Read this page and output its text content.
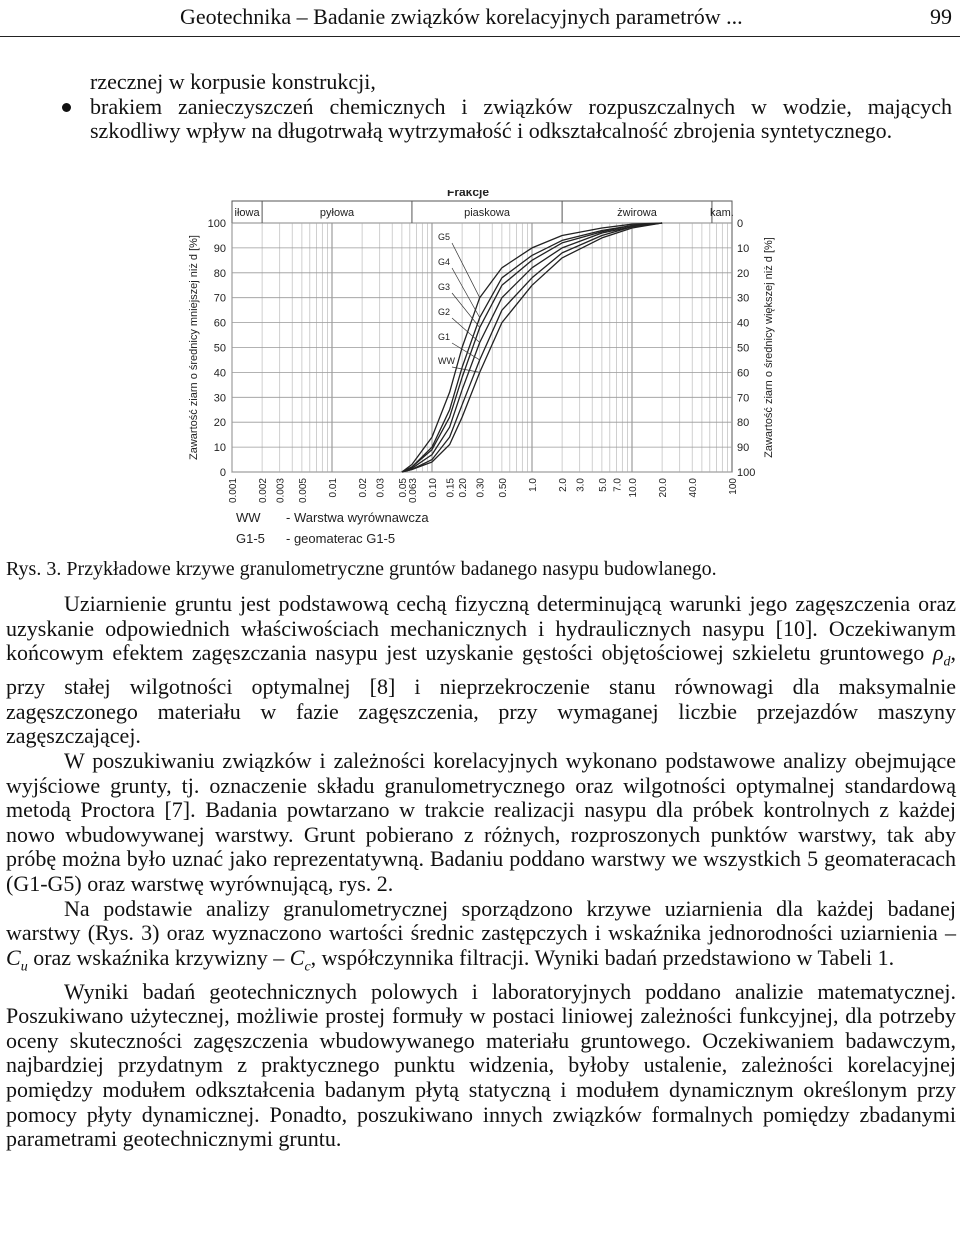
Geotechnika – Badanie związków korelacyjnych parametrów ...	99
rzecznej w korpusie konstrukcji,
brakiem zanieczyszczeń chemicznych i związków rozpuszczalnych w wodzie, mających szkodliwy wpływ na długotrwałą wytrzymałość i odkształcalność zbrojenia syntetycznego.
Frakcje
iłowa	pyłowa	piaskowa	żwirowa	kam.
100
90
80
70
60
50
40
30
20
10
0
Zawartość ziarn o średnicy mniejszej niż d [%]
0
10
20
30
40
50
60
70
80
90
100
Zawartość ziarn o średnicy większej niż d [%]
0.001 0.002 0.003 0.005 0.01 0.02 0.03 0.05 0.063 0.10 0.15 0.20 0.30 0.50 1.0 2.0 3.0 5.0 7.0 10.0 20.0 40.0	100
G5
G4
G3
G2
G1
WW
WW - Warstwa wyrównawcza
G1-5 - geomaterac G1-5
Rys. 3. Przykładowe krzywe granulometryczne gruntów badanego nasypu budowlanego.

Uziarnienie gruntu jest podstawową cechą fizyczną determinującą warunki jego zagęszczenia oraz uzyskanie odpowiednich właściwościach mechanicznych i hydraulicznych nasypu [10]. Oczekiwanym końcowym efektem zagęszczania nasypu jest uzyskanie gęstości objętościowej szkieletu gruntowego $\rho_d$, przy stałej wilgotności optymalnej [8] i nieprzekroczenie stanu równowagi dla maksymalnie zagęszczonego materiału w fazie zagęszczenia, przy wymaganej liczbie przejazdów maszyny zagęszczającej.

W poszukiwaniu związków i zależności korelacyjnych wykonano podstawowe analizy obejmujące wyjściowe grunty, tj. oznaczenie składu granulometrycznego oraz wilgotności optymalnej standardową metodą Proctora [7]. Badania powtarzano w trakcie realizacji nasypu dla próbek kontrolnych z każdej nowo wbudowywanej warstwy. Grunt pobierano z różnych, rozproszonych punktów warstwy, tak aby próbę można było uznać jako reprezentatywną. Badaniu poddano warstwy we wszystkich 5 geomateracach (G1-G5) oraz warstwę wyrównującą, rys. 2.

Na podstawie analizy granulometrycznej sporządzono krzywe uziarnienia dla każdej badanej warstwy (Rys. 3) oraz wyznaczono wartości średnic zastępczych i wskaźnika jednorodności uziarnienia – $C_u$ oraz wskaźnika krzywizny – $C_c$, współczynnika filtracji. Wyniki badań przedstawiono w Tabeli 1.

Wyniki badań geotechnicznych polowych i laboratoryjnych poddano analizie matematycznej. Poszukiwano użytecznej, możliwie prostej formuły w postaci liniowej zależności funkcyjnej, dla potrzeby oceny skuteczności zagęszczenia wbudowywanego materiału gruntowego. Oczekiwaniem badawczym, najbardziej przydatnym z praktycznego punktu widzenia, byłoby ustalenie, zależności korelacyjnej pomiędzy modułem odkształcenia badanym płytą statyczną i modułem dynamicznym określonym przy pomocy płyty dynamicznej. Ponadto, poszukiwano innych związków formalnych pomiędzy zbadanymi parametrami geotechnicznymi gruntu.
